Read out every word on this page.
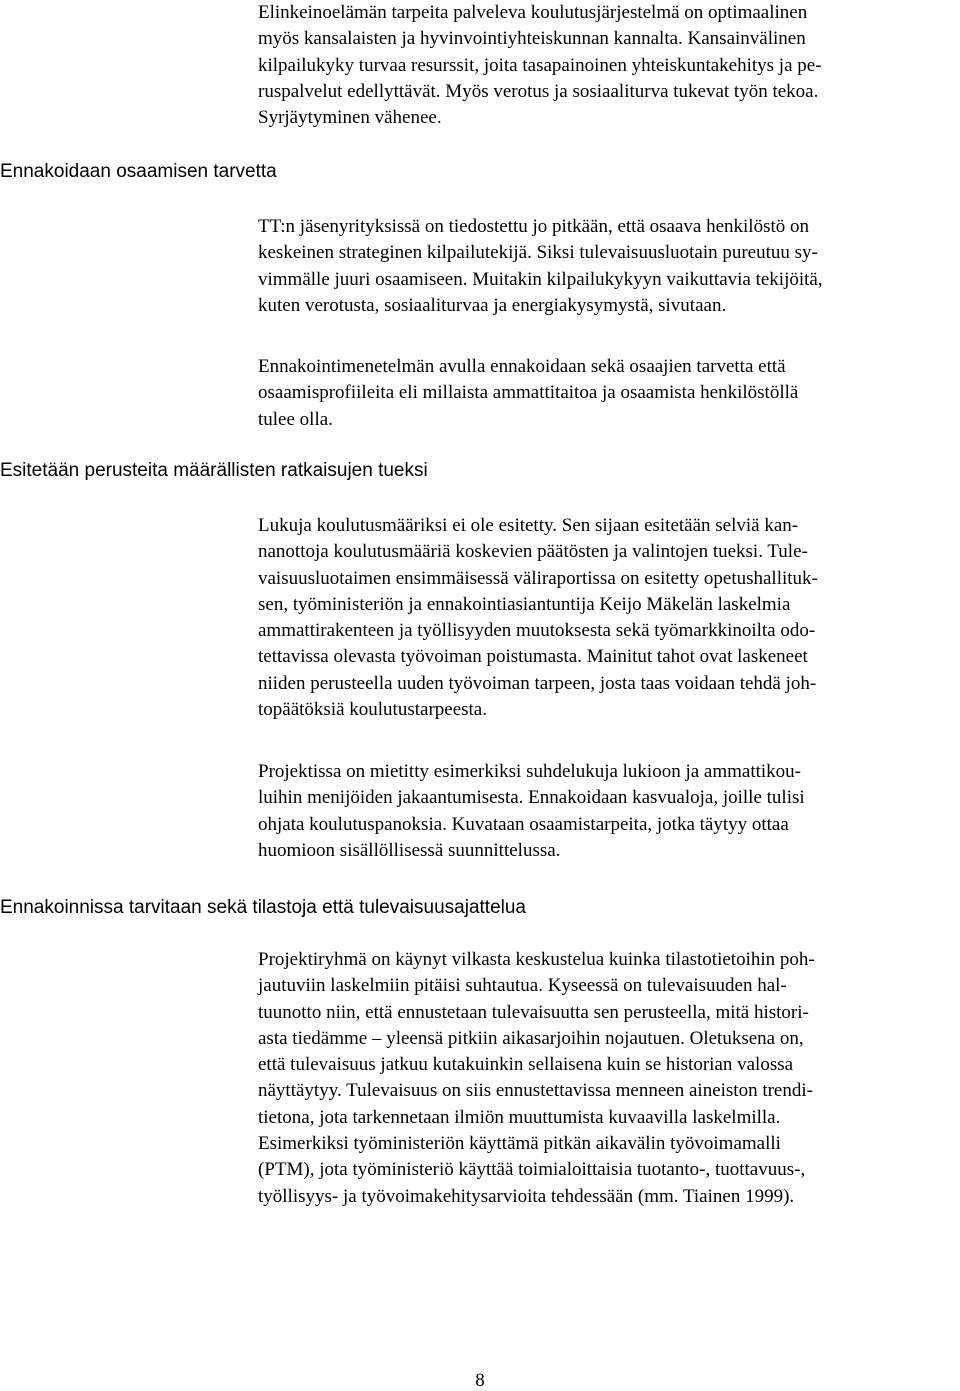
Elinkeinoelämän tarpeita palveleva koulutusjärjestelmä on optimaalinen
myös kansalaisten ja hyvinvointiyhteiskunnan kannalta. Kansainvälinen
kilpailukyky turvaa resurssit, joita tasapainoinen yhteiskuntakehitys ja pe-
ruspalvelut edellyttävät. Myös verotus ja sosiaaliturva tukevat työn tekoa.
Syrjäytyminen vähenee.
Ennakoidaan osaamisen tarvetta
TT:n jäsenyrityksissä on tiedostettu jo pitkään, että osaava henkilöstö on
keskeinen strateginen kilpailutekijä. Siksi tulevaisuusluotain pureutuu sy-
vimmälle juuri osaamiseen. Muitakin kilpailukykyyn vaikuttavia tekijöitä,
kuten verotusta, sosiaaliturvaa ja energiakysymystä, sivutaan.
Ennakointimenetelmän avulla ennakoidaan sekä osaajien tarvetta että
osaamisprofiileita eli millaista ammattitaitoa ja osaamista henkilöstöllä
tulee olla.
Esitetään perusteita määrällisten ratkaisujen tueksi
Lukuja koulutusmääriksi ei ole esitetty. Sen sijaan esitetään selviä kan-
nanottoja koulutusmääriä koskevien päätösten ja valintojen tueksi. Tule-
vaisuusluotaimen ensimmäisessä väliraportissa on esitetty opetushallituk-
sen, työministeriön ja ennakointiasiantuntija Keijo Mäkelän laskelmia
ammattirakenteen ja työllisyyden muutoksesta sekä työmarkkinoilta odo-
tettavissa olevasta työvoiman poistumasta. Mainitut tahot ovat laskeneet
niiden perusteella uuden työvoiman tarpeen, josta taas voidaan tehdä joh-
topäätöksiä koulutustarpeesta.
Projektissa on mietitty esimerkiksi suhdelukuja lukioon ja ammattikou-
luihin menijöiden jakaantumisesta. Ennakoidaan kasvualoja, joille tulisi
ohjata koulutuspanoksia. Kuvataan osaamistarpeita, jotka täytyy ottaa
huomioon sisällöllisessä suunnittelussa.
Ennakoinnissa tarvitaan sekä tilastoja että tulevaisuusajattelua
Projektiryhmä on käynyt vilkasta keskustelua kuinka tilastotietoihin poh-
jautuviin laskelmiin pitäisi suhtautua. Kyseessä on tulevaisuuden hal-
tuunotto niin, että ennustetaan tulevaisuutta sen perusteella, mitä histori-
asta tiedämme – yleensä pitkiin aikasarjoihin nojautuen. Oletuksena on,
että tulevaisuus jatkuu kutakuinkin sellaisena kuin se historian valossa
näyttäytyy. Tulevaisuus on siis ennustettavissa menneen aineiston trendi-
tietona, jota tarkennetaan ilmiön muuttumista kuvaavilla laskelmilla.
Esimerkiksi työministeriön käyttämä pitkän aikavälin työvoimamalli
(PTM), jota työministeriö käyttää toimialoittaisia tuotanto-, tuottavuus-,
työllisyys- ja työvoimakehitysarvioita tehdessään (mm. Tiainen 1999).
8
